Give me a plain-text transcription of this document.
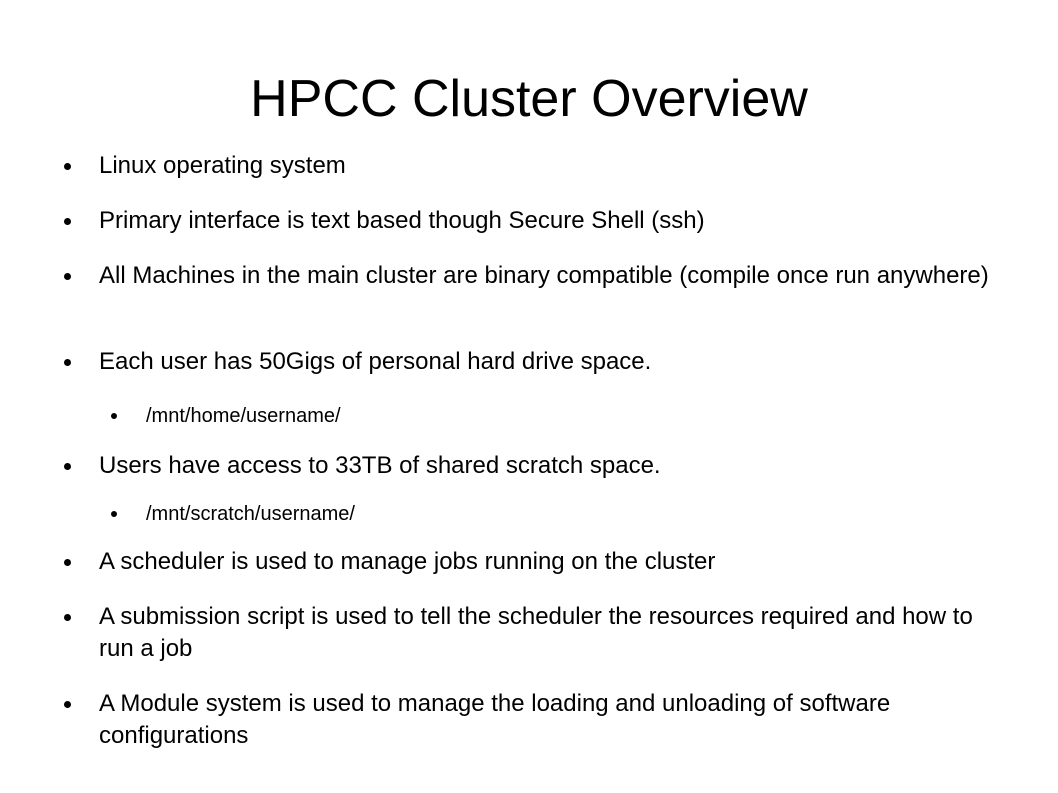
HPCC Cluster Overview
Linux operating system
Primary interface is text based though Secure Shell (ssh)
All Machines in the main cluster are binary compatible (compile once run anywhere)
Each user has 50Gigs of personal hard drive space.
/mnt/home/username/
Users have access to 33TB of shared scratch space.
/mnt/scratch/username/
A scheduler is used to manage jobs running on the cluster
A submission script is used to tell the scheduler the resources required and how to run a job
A Module system is used to manage the loading and unloading of software configurations
